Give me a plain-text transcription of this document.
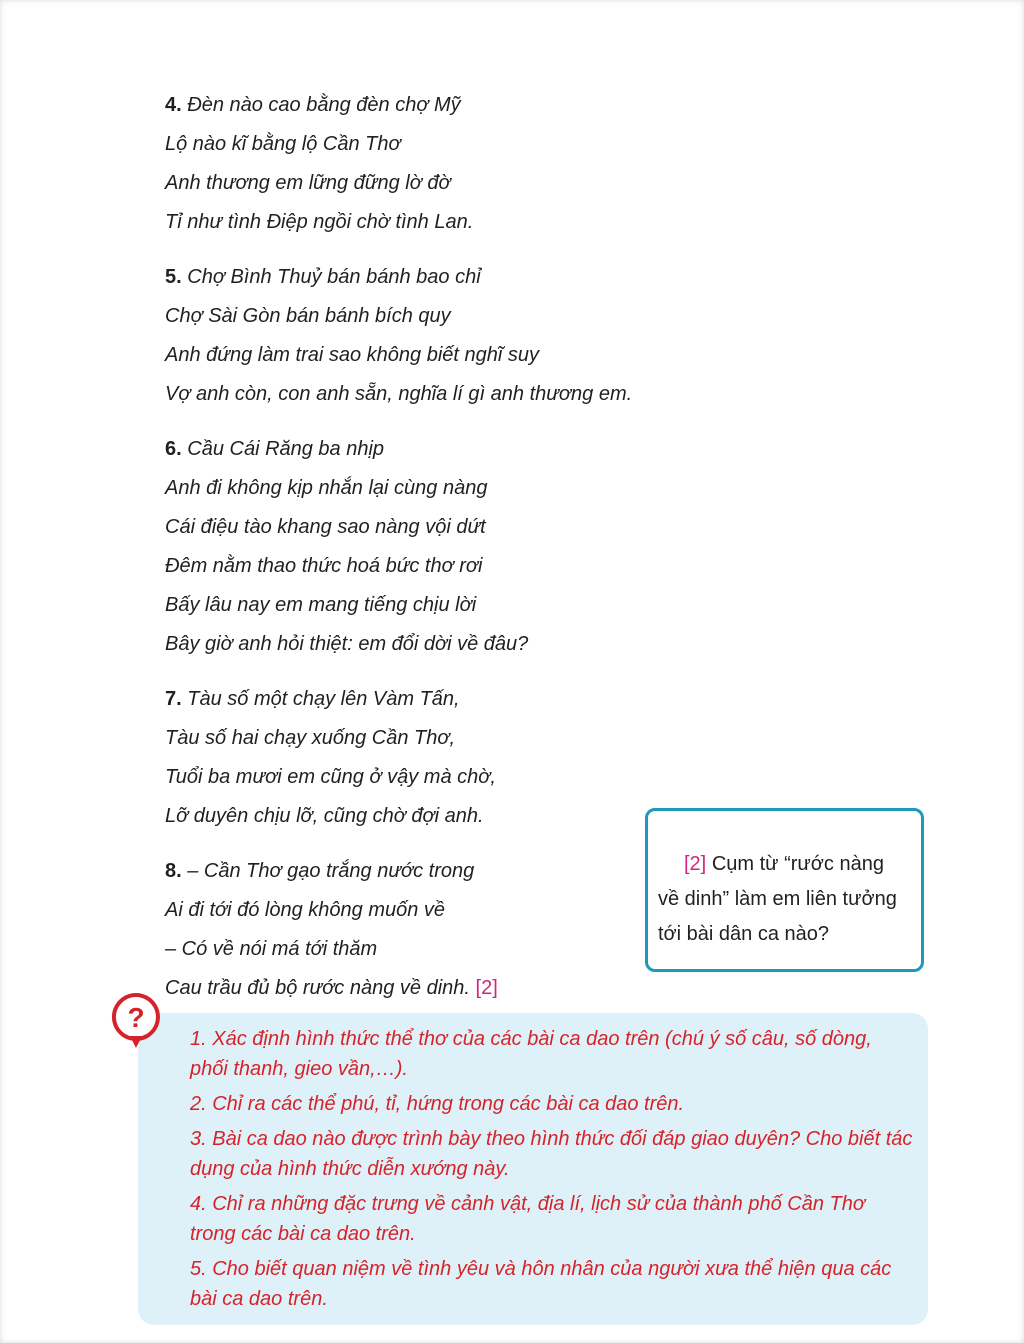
4. Đèn nào cao bằng đèn chợ Mỹ
Lộ nào kĩ bằng lộ Cần Thơ
Anh thương em lững đững lờ đờ
Tỉ như tình Điệp ngồi chờ tình Lan.
5. Chợ Bình Thuỷ bán bánh bao chỉ
Chợ Sài Gòn bán bánh bích quy
Anh đứng làm trai sao không biết nghĩ suy
Vợ anh còn, con anh sẵn, nghĩa lí gì anh thương em.
6. Cầu Cái Răng ba nhịp
Anh đi không kịp nhắn lại cùng nàng
Cái điệu tào khang sao nàng vội dứt
Đêm nằm thao thức hoá bức thơ rơi
Bấy lâu nay em mang tiếng chịu lời
Bây giờ anh hỏi thiệt: em đổi dời về đâu?
7. Tàu số một chạy lên Vàm Tấn,
Tàu số hai chạy xuống Cần Thơ,
Tuổi ba mươi em cũng ở vậy mà chờ,
Lỡ duyên chịu lỡ, cũng chờ đợi anh.
8. – Cần Thơ gạo trắng nước trong
Ai đi tới đó lòng không muốn về
– Có về nói má tới thăm
Cau trầu đủ bộ rước nàng về dinh. [2]
[2] Cụm từ “rước nàng về dinh” làm em liên tưởng tới bài dân ca nào?
?
1. Xác định hình thức thể thơ của các bài ca dao trên (chú ý số câu, số dòng, phối thanh, gieo vần,…).
2. Chỉ ra các thể phú, tỉ, hứng trong các bài ca dao trên.
3. Bài ca dao nào được trình bày theo hình thức đối đáp giao duyên? Cho biết tác dụng của hình thức diễn xướng này.
4. Chỉ ra những đặc trưng về cảnh vật, địa lí, lịch sử của thành phố Cần Thơ trong các bài ca dao trên.
5. Cho biết quan niệm về tình yêu và hôn nhân của người xưa thể hiện qua các bài ca dao trên.
